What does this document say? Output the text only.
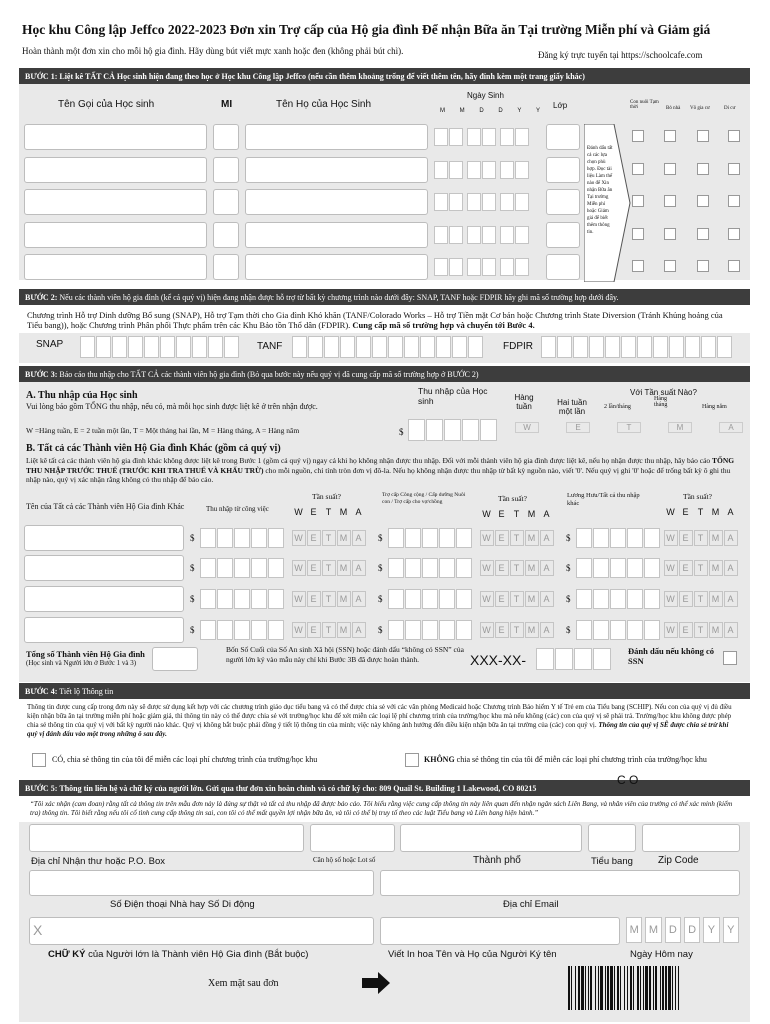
Học khu Công lập Jeffco 2022-2023 Đơn xin Trợ cấp của Hộ gia đình Để nhận Bữa ăn Tại trường Miễn phí và Giảm giá
Hoàn thành một đơn xin cho mỗi hộ gia đình. Hãy dùng bút viết mực xanh hoặc đen (không phải bút chì).	Đăng ký trực tuyến tại https://schoolcafe.com
BƯỚC 1: Liệt kê TẤT CẢ Học sinh hiện đang theo học ở Học khu Công lập Jeffco (nếu cần thêm khoảng trống để viết thêm tên, hãy đính kèm một trang giấy khác)
Tên Gọi của Học sinh	MI	Tên Họ của Học Sinh
Ngày Sinh
M M D D Y Y
Lớp	Con nuôi Tạm thời	Bỏ nhà Vô gia cư	Di cư
Đánh dấu tất cả các lựa chọn phù hợp. Đọc tài liệu Làm thế nào để Xin nhận Bữa ăn Tại trường Miễn phí hoặc Giảm giá để biết thêm thông tin.
BƯỚC 2: Nếu các thành viên hộ gia đình (kể cả quý vị) hiện đang nhận được hỗ trợ từ bất kỳ chương trình nào dưới đây: SNAP, TANF hoặc FDPIR hãy ghi mã số trường hợp dưới đây.
Chương trình Hỗ trợ Dinh dưỡng Bổ sung (SNAP), Hỗ trợ Tạm thời cho Gia đình Khó khăn (TANF/Colorado Works – Hỗ trợ Tiền mặt Cơ bản hoặc Chương trình State Diversion (Tránh Khủng hoảng của Tiểu bang)), hoặc Chương trình Phân phối Thực phẩm trên các Khu Bảo tồn Thổ dân (FDPIR). Cung cấp mã số trường hợp và chuyển tới Bước 4.
SNAP	TANF	FDPIR
BƯỚC 3: Báo cáo thu nhập cho TẤT CẢ các thành viên hộ gia đình (Bỏ qua bước này nếu quý vị đã cung cấp mã số trường hợp ở BƯỚC 2)
A. Thu nhập của Học sinh
Vui lòng báo gồm TỔNG thu nhập, nếu có, mà mỗi học sinh được liệt kê ở trên nhận được.
Thu nhập của Học sinh
Với Tần suất Nào?
Hàng tuần	Hai tuần một lần	2 lần/tháng
Hàng tháng	Hàng năm
W =Hàng tuần, E = 2 tuần một lần, T = Một tháng hai lần, M = Hàng tháng, A = Hàng năm	$	W	E	T	M	A
B. Tất cả các Thành viên Hộ Gia đình Khác (gồm cả quý vị)
Liệt kê tất cả các thành viên hộ gia đình khác không được liệt kê trong Bước 1 (gồm cả quý vị) ngay cả khi họ không nhận được thu nhập. Đối với mỗi thành viên hộ gia đình được liệt kê, nếu họ nhận được thu nhập, hãy báo cáo TỔNG THU NHẬP TRƯỚC THUẾ (TRƯỚC KHI TRA THUẾ VÀ KHẤU TRỪ) cho mỗi nguồn, chỉ tính tròn đơn vị đô-la. Nếu họ không nhận được thu nhập từ bất kỳ nguồn nào, viết '0'. Nếu quý vị ghi '0' hoặc để trống bất kỳ ô ghi thu nhập nào, quý vị xác nhận rằng không có thu nhập để báo cáo.
Tên của Tất cả các Thành viên Hộ Gia đình Khác	Thu nhập từ công việc
Tần suất?	Trợ cấp Công cộng / Cấp dưỡng Nuôi con / Trợ cấp cho vợ/chồng	Tần suất?	Lương Hưu/Tất cả thu nhập khác
Tần suất?
W E T M A	W E T M A	W E T M A
$	W E T M A	$	W E T M A	$	W E T M A
$	W E T M A	$	W E T M A	$	W E T M A
$	W E T M A	$	W E T M A	$	W E T M A
$	W E T M A	$	W E T M A	$	W E T M A
Tổng số Thành viên Hộ Gia đình
(Học sinh và Người lớn ở Bước 1 và 3)
Bốn Số Cuối của Số An sinh Xã hội (SSN) hoặc đánh dấu “không có SSN” của người lớn ký vào mẫu này chỉ khi Bước 3B đã được hoàn thành.	XXX-XX-
Đánh dấu nếu không có SSN
BƯỚC 4: Tiết lộ Thông tin
Thông tin được cung cấp trong đơn này sẽ được sử dụng kết hợp với các chương trình giáo dục tiểu bang và có thể được chia sẻ với các văn phòng Medicaid hoặc Chương trình Bảo hiểm Y tế Trẻ em của Tiểu bang (SCHIP). Nếu con của quý vị đủ điều kiện nhận bữa ăn tại trường miễn phí hoặc giảm giá, thì thông tin này có thể được chia sẻ với trường/học khu để xét miễn các loại lệ phí chương trình của trường/học khu mà nếu không (các) con của quý vị sẽ phải trả. Trường/học khu không được phép chia sẻ thông tin của quý vị với bất kỳ người nào khác. Quý vị không bắt buộc phải đồng ý tiết lộ thông tin của mình; việc này không ảnh hưởng đến điều kiện nhận bữa ăn tại trường của (các) con quý vị. Thông tin của quý vị SẼ được chia sẻ trừ khi quý vị đánh dấu vào một trong những ô sau đây.
CÓ, chia sẻ thông tin của tôi để miễn các loại phí chương trình của trường/học khu	KHÔNG chia sẻ thông tin của tôi để miễn các loại phí chương trình của trường/học khu
BƯỚC 5: Thông tin liên hệ và chữ ký của người lớn. Gửi qua thư đơn xin hoàn chỉnh và có chữ ký cho: 809 Quail St. Building 1 Lakewood, CO 80215
C O
“Tôi xác nhận (cam đoan) rằng tất cả thông tin trên mẫu đơn này là đúng sự thật và tất cả thu nhập đã được báo cáo. Tôi hiểu rằng việc cung cấp thông tin này liên quan đến nhận ngân sách Liên Bang, và nhân viên của trường có thể xác minh (kiểm tra) thông tin. Tôi biết rằng nếu tôi cố tình cung cấp thông tin sai, con tôi có thể mất quyền lợi nhận bữa ăn, và tôi có thể bị truy tố theo các luật Tiểu bang và Liên bang hiện hành.”
Địa chỉ Nhận thư hoặc P.O. Box	Căn hộ số hoặc Lot số	Thành phố	Tiểu bang	Zip Code
Số Điện thoại Nhà hay Số Di động	Địa chỉ Email
X	M M D	D	Y	Y
CHỮ KÝ của Người lớn là Thành viên Hộ Gia đình (Bắt buộc)	Viết In hoa Tên và Họ của Người Ký tên	Ngày Hôm nay
Xem mặt sau đơn
